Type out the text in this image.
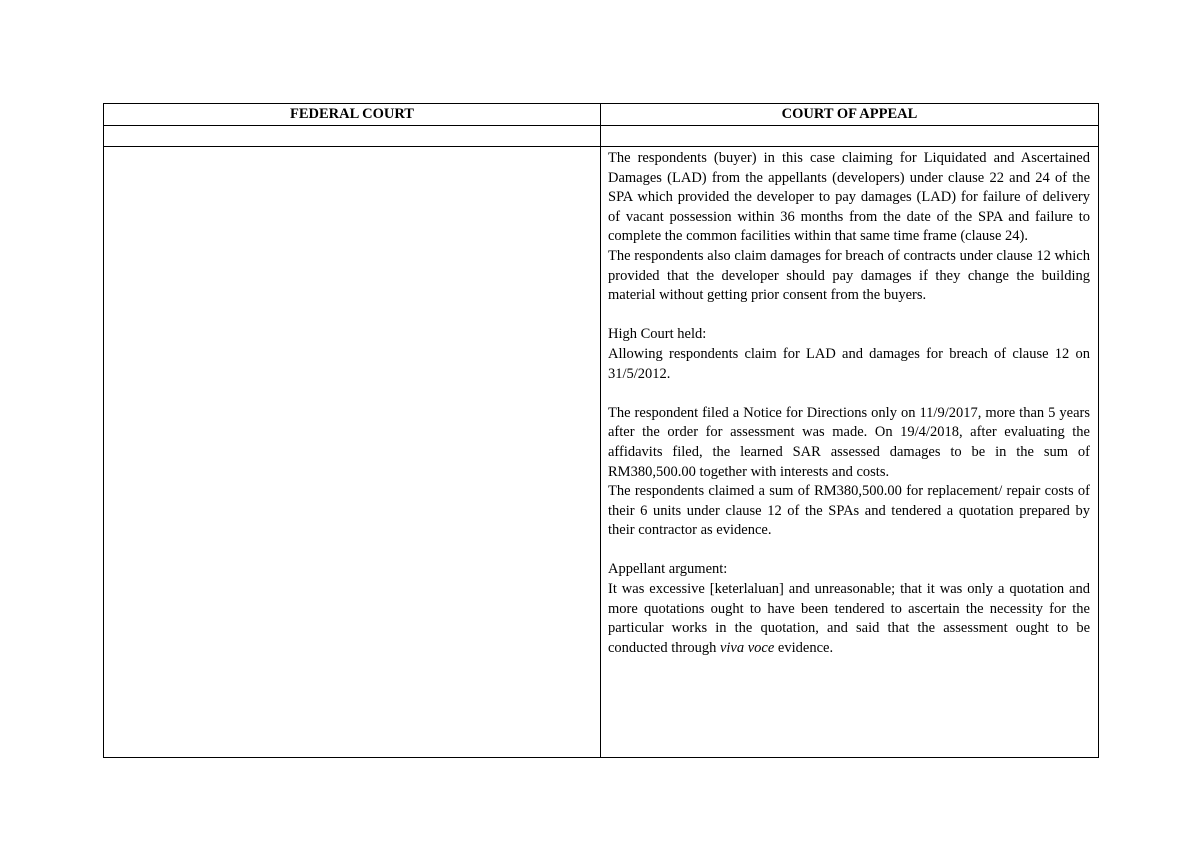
FEDERAL COURT	COURT OF APPEAL

The respondents (buyer) in this case claiming for Liquidated and Ascertained Damages (LAD) from the appellants (developers) under clause 22 and 24 of the SPA which provided the developer to pay damages (LAD) for failure of delivery of vacant possession within 36 months from the date of the SPA and failure to complete the common facilities within that same time frame (clause 24).

The respondents also claim damages for breach of contracts under clause 12 which provided that the developer should pay damages if they change the building material without getting prior consent from the buyers.

High Court held:

Allowing respondents claim for LAD and damages for breach of clause 12 on 31/5/2012.

The respondent filed a Notice for Directions only on 11/9/2017, more than 5 years after the order for assessment was made. On 19/4/2018, after evaluating the affidavits filed, the learned SAR assessed damages to be in the sum of RM380,500.00 together with interests and costs.

The respondents claimed a sum of RM380,500.00 for replacement/ repair costs of their 6 units under clause 12 of the SPAs and tendered a quotation prepared by their contractor as evidence.

Appellant argument:

It was excessive [keterlaluan] and unreasonable; that it was only a quotation and more quotations ought to have been tendered to ascertain the necessity for the particular works in the quotation, and said that the assessment ought to be conducted through viva voce evidence.
